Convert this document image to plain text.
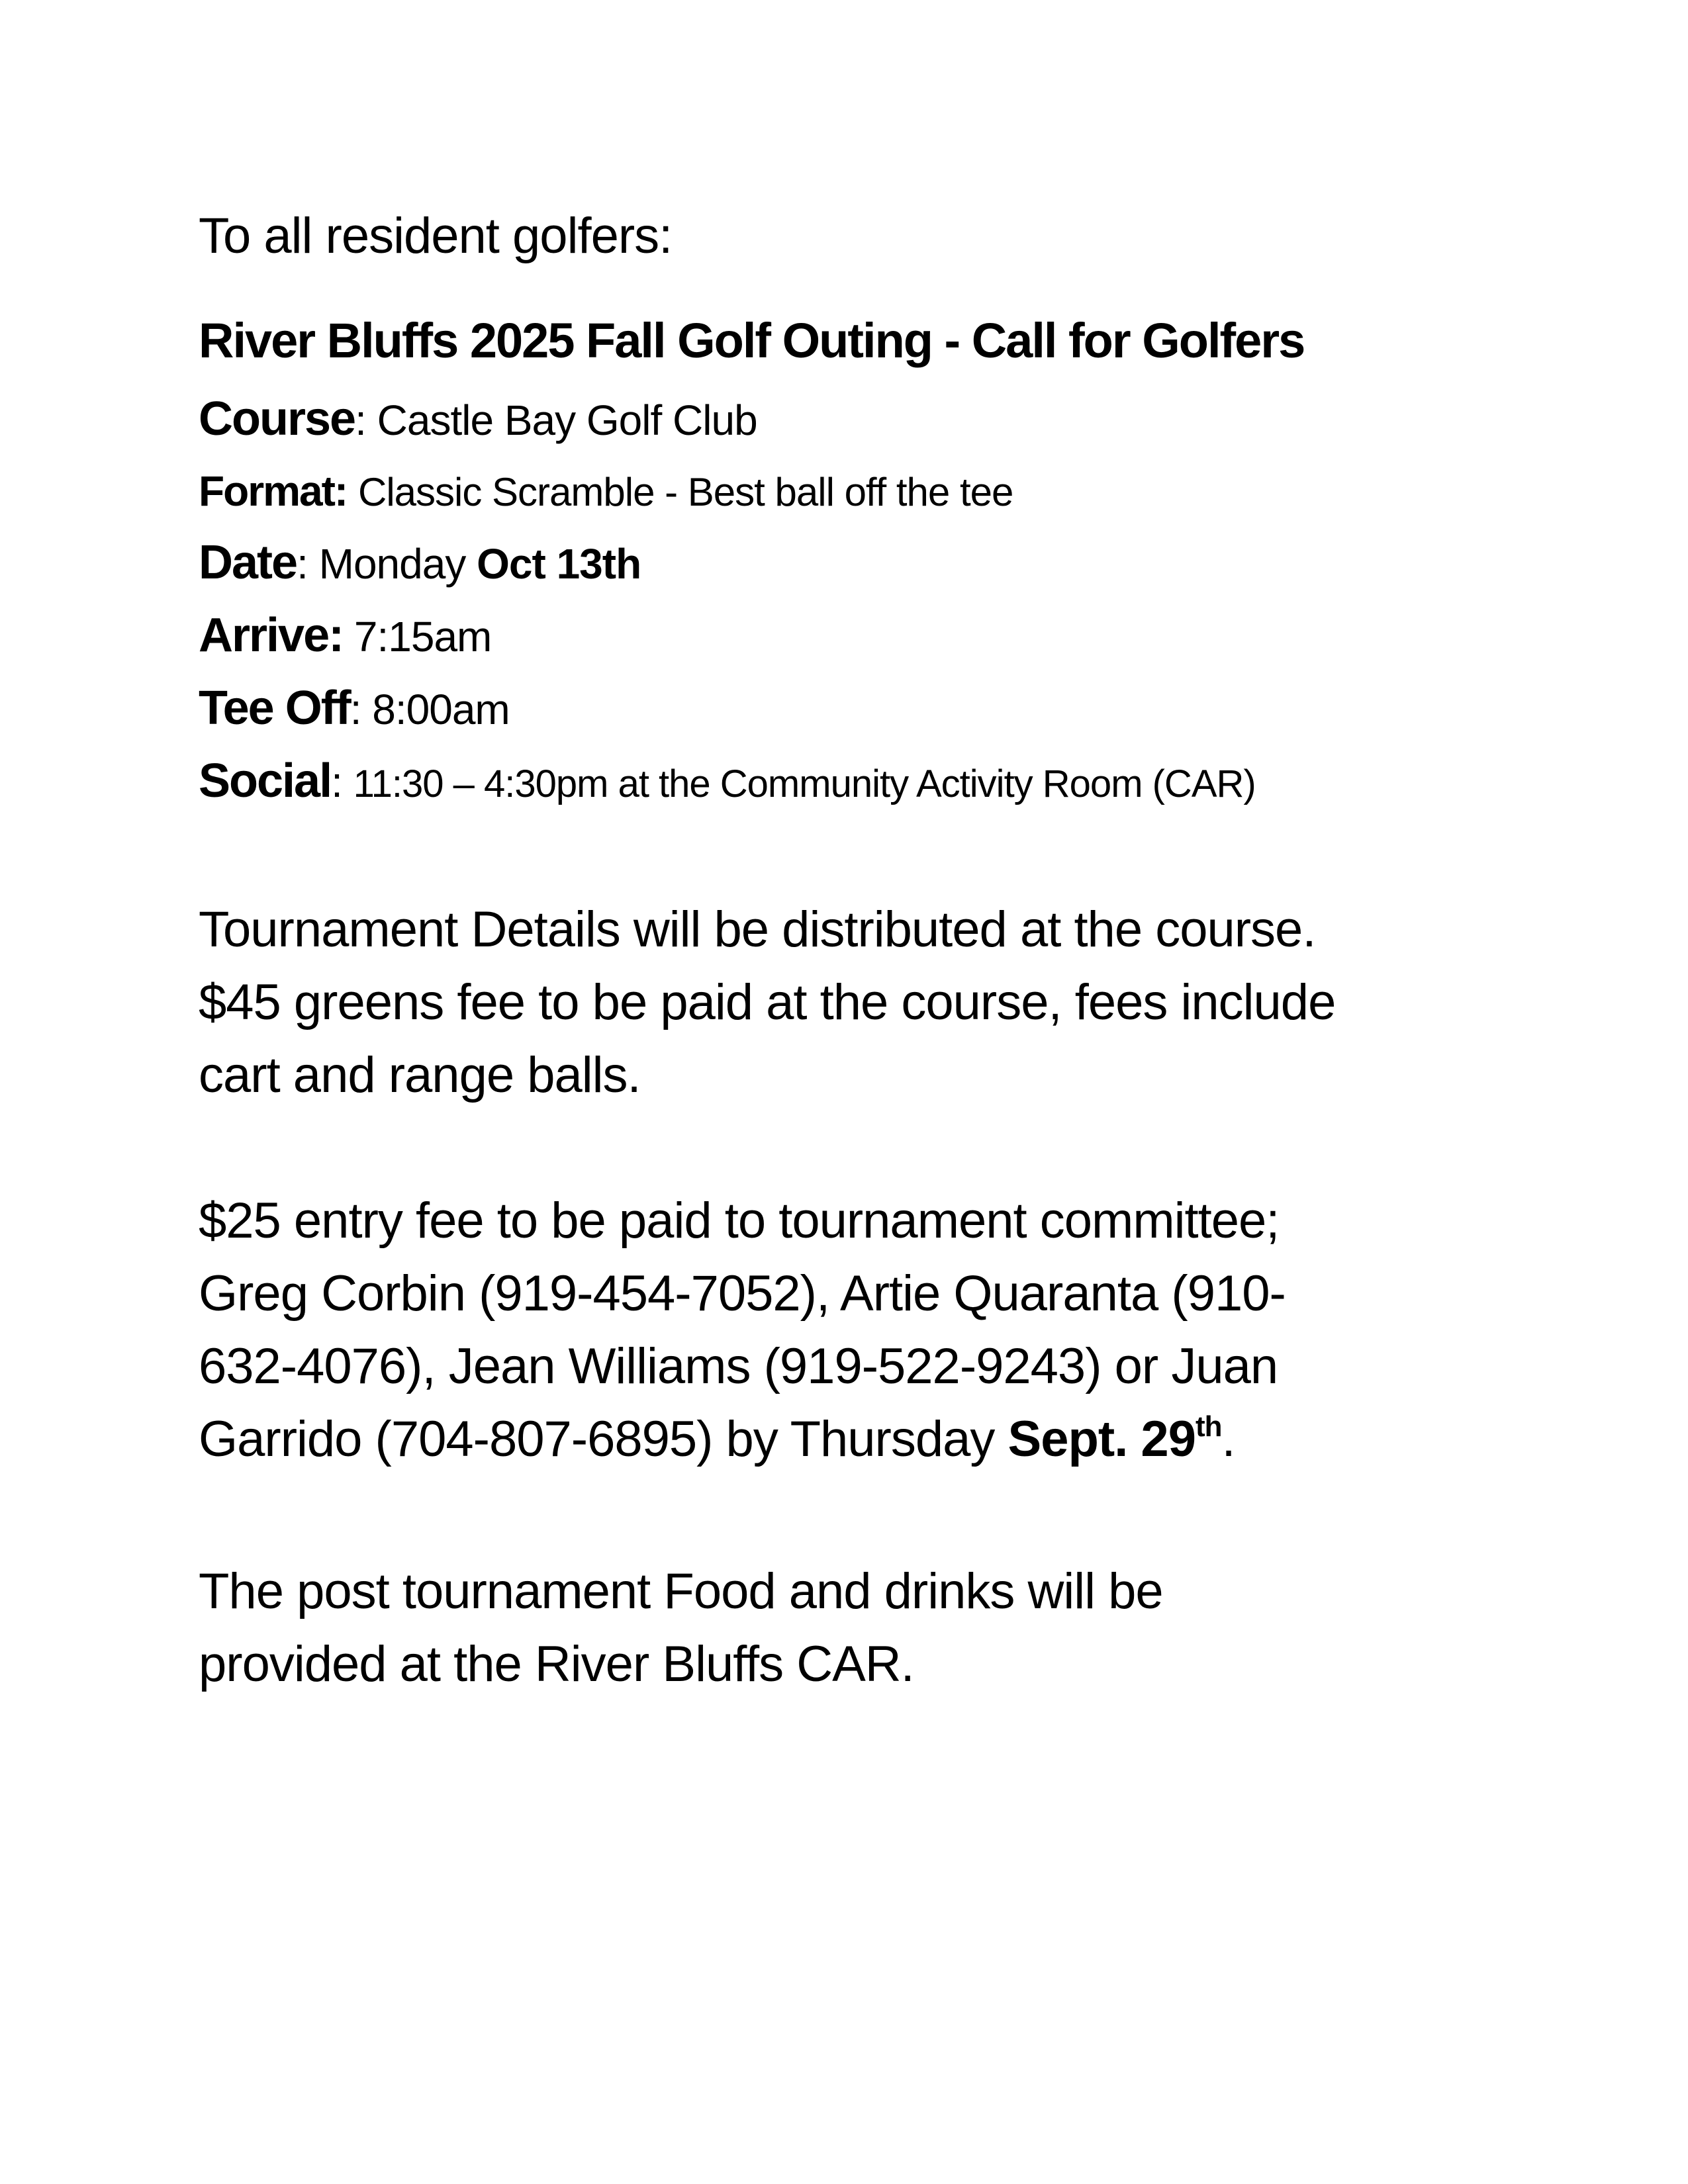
To all resident golfers:
River Bluffs 2025 Fall Golf Outing - Call for Golfers
Course: Castle Bay Golf Club
Format: Classic Scramble - Best ball off the tee
Date: Monday Oct 13th
Arrive: 7:15am
Tee Off: 8:00am
Social: 11:30 – 4:30pm at the Community Activity Room (CAR)
Tournament Details will be distributed at the course.
$45 greens fee to be paid at the course, fees include
cart and range balls.
$25 entry fee to be paid to tournament committee;
Greg Corbin (919-454-7052), Artie Quaranta (910-
632-4076), Jean Williams (919-522-9243) or Juan
Garrido (704-807-6895) by Thursday Sept. 29th.
The post tournament Food and drinks will be
provided at the River Bluffs CAR.
